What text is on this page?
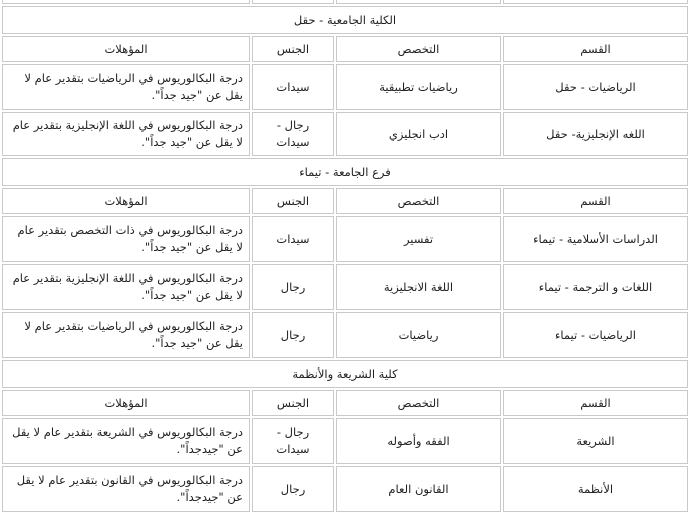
الكلية الجامعية - حقل			
القسم	التخصص	الجنس	المؤهلات
الرياضيات - حقل	رياضيات تطبيقية	سيدات	درجة البكالوريوس في الرياضيات بتقدير عام لا يقل عن "جيد جداً".
اللغه الإنجليزية- حقل	ادب انجليزي	رجال - سيدات	درجة البكالوريوس في اللغة الإنجليزية بتقدير عام لا يقل عن "جيد جداً".
فرع الجامعة - تيماء			
القسم	التخصص	الجنس	المؤهلات
الدراسات الأسلامية - تيماء	تفسير	سيدات	درجة البكالوريوس في ذات التخصص بتقدير عام لا يقل عن "جيد جداً".
اللغات و الترجمة - تيماء	اللغة الانجليزية	رجال	درجة البكالوريوس في اللغة الإنجليزية بتقدير عام لا يقل عن "جيد جداً".
الرياضيات - تيماء	رياضيات	رجال	درجة البكالوريوس في الرياضيات بتقدير عام لا يقل عن "جيد جداً".
كلية الشريعة والأنظمة			
القسم	التخصص	الجنس	المؤهلات
الشريعة	الفقه وأصوله	رجال - سيدات	درجة البكالوريوس في الشريعة بتقدير عام لا يقل عن "جيدجداً".
الأنظمة	القانون العام	رجال	درجة البكالوريوس في القانون بتقدير عام لا يقل عن "جيدجداً".
